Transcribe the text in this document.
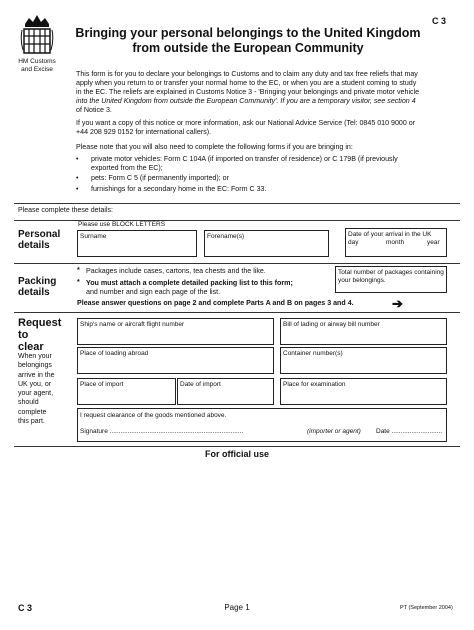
C 3
HM Customs
and Excise
Bringing your personal belongings to the United Kingdom
from outside the European Community
This form is for you to declare your belongings to Customs and to claim any duty and tax free reliefs that may
apply when you return to or transfer your normal home to the EC, or when you are a student coming to study
in the EC. The reliefs are explained in Customs Notice 3 - 'Bringing your belongings and private motor vehicle
into the United Kingdom from outside the European Community'. If you are a temporary visitor, see section 4
of Notice 3.
If you want a copy of this notice or more information, ask our National Advice Service (Tel: 0845 010 9000 or
+44 208 929 0152 for international callers).
Please note that you will also need to complete the following forms if you are bringing in:
• private motor vehicles: Form C 104A (if imported on transfer of residence) or C 179B (if previously
exported from the EC);
• pets: Form C 5 (if permanently imported); or
• furnishings for a secondary home in the EC: Form C 33.
Please complete these details:
Personal
details
Please use BLOCK LETTERS
Surname	Forename(s)	Date of your arrival in the UK
day	month	year
Packing
details
* Packages include cases, cartons, tea chests and the like.
* You must attach a complete detailed packing list to this form;
and number and sign each page of the list.
Please answer questions on page 2 and complete Parts A and B on pages 3 and 4.	➔
Total number of packages containing
your belongings.
Request
to
clear
When your
belongings
arrive in the
UK you, or
your agent,
should
complete
this part.
Ship's name or aircraft flight number	Bill of lading or airway bill number
Place of loading abroad	Container number(s)
Place of import	Date of import	Place for examination
I request clearance of the goods mentioned above.
Signature ..........................................................................	(importer or agent) Date ............................
For official use
C 3	Page 1	PT (September 2004)
